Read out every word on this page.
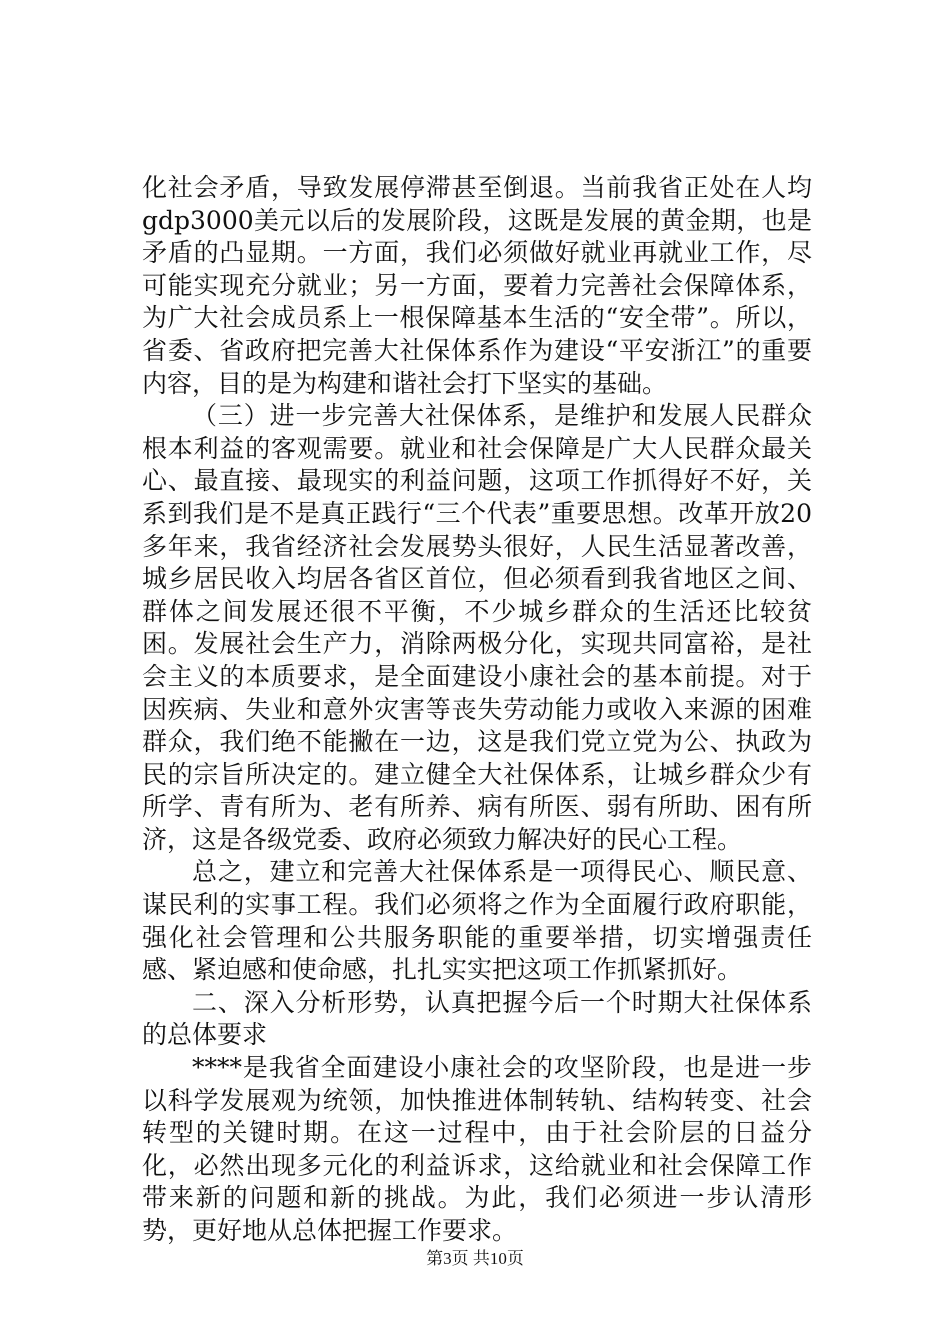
化社会矛盾，导致发展停滞甚至倒退。当前我省正处在人均gdp3000美元以后的发展阶段，这既是发展的黄金期，也是矛盾的凸显期。一方面，我们必须做好就业再就业工作，尽可能实现充分就业；另一方面，要着力完善社会保障体系，为广大社会成员系上一根保障基本生活的“安全带”。所以，省委、省政府把完善大社保体系作为建设“平安浙江”的重要内容，目的是为构建和谐社会打下坚实的基础。

（三）进一步完善大社保体系，是维护和发展人民群众根本利益的客观需要。就业和社会保障是广大人民群众最关心、最直接、最现实的利益问题，这项工作抓得好不好，关系到我们是不是真正践行“三个代表”重要思想。改革开放20多年来，我省经济社会发展势头很好，人民生活显著改善，城乡居民收入均居各省区首位，但必须看到我省地区之间、群体之间发展还很不平衡，不少城乡群众的生活还比较贫困。发展社会生产力，消除两极分化，实现共同富裕，是社会主义的本质要求，是全面建设小康社会的基本前提。对于因疾病、失业和意外灾害等丧失劳动能力或收入来源的困难群众，我们绝不能撇在一边，这是我们党立党为公、执政为民的宗旨所决定的。建立健全大社保体系，让城乡群众少有所学、青有所为、老有所养、病有所医、弱有所助、困有所济，这是各级党委、政府必须致力解决好的民心工程。

总之，建立和完善大社保体系是一项得民心、顺民意、谋民利的实事工程。我们必须将之作为全面履行政府职能，强化社会管理和公共服务职能的重要举措，切实增强责任感、紧迫感和使命感，扎扎实实把这项工作抓紧抓好。

二、深入分析形势，认真把握今后一个时期大社保体系的总体要求

****是我省全面建设小康社会的攻坚阶段，也是进一步以科学发展观为统领，加快推进体制转轨、结构转变、社会转型的关键时期。在这一过程中，由于社会阶层的日益分化，必然出现多元化的利益诉求，这给就业和社会保障工作带来新的问题和新的挑战。为此，我们必须进一步认清形势，更好地从总体把握工作要求。

第3页 共10页
